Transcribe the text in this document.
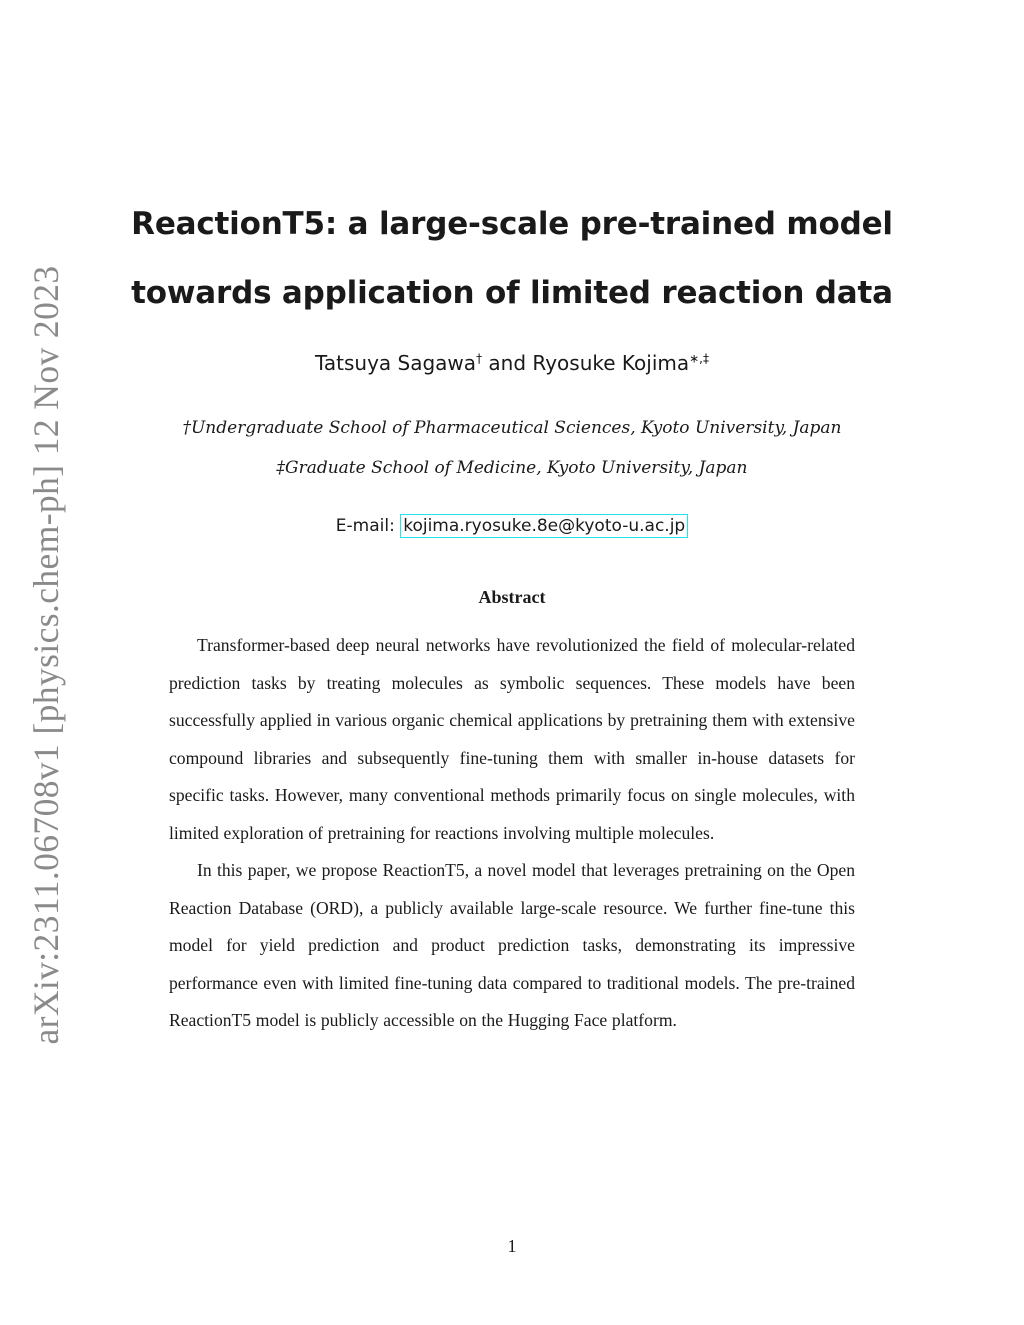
arXiv:2311.06708v1 [physics.chem-ph] 12 Nov 2023
ReactionT5: a large-scale pre-trained model
towards application of limited reaction data
Tatsuya Sagawa† and Ryosuke Kojima∗,‡
†Undergraduate School of Pharmaceutical Sciences, Kyoto University, Japan
‡Graduate School of Medicine, Kyoto University, Japan
E-mail: kojima.ryosuke.8e@kyoto-u.ac.jp
Abstract

Transformer-based deep neural networks have revolutionized the field of molecular-related prediction tasks by treating molecules as symbolic sequences. These models have been successfully applied in various organic chemical applications by pretraining them with extensive compound libraries and subsequently fine-tuning them with smaller in-house datasets for specific tasks. However, many conventional methods primarily focus on single molecules, with limited exploration of pretraining for reactions involving multiple molecules.

In this paper, we propose ReactionT5, a novel model that leverages pretraining on the Open Reaction Database (ORD), a publicly available large-scale resource. We further fine-tune this model for yield prediction and product prediction tasks, demonstrating its impressive performance even with limited fine-tuning data compared to traditional models. The pre-trained ReactionT5 model is publicly accessible on the Hugging Face platform.

1
